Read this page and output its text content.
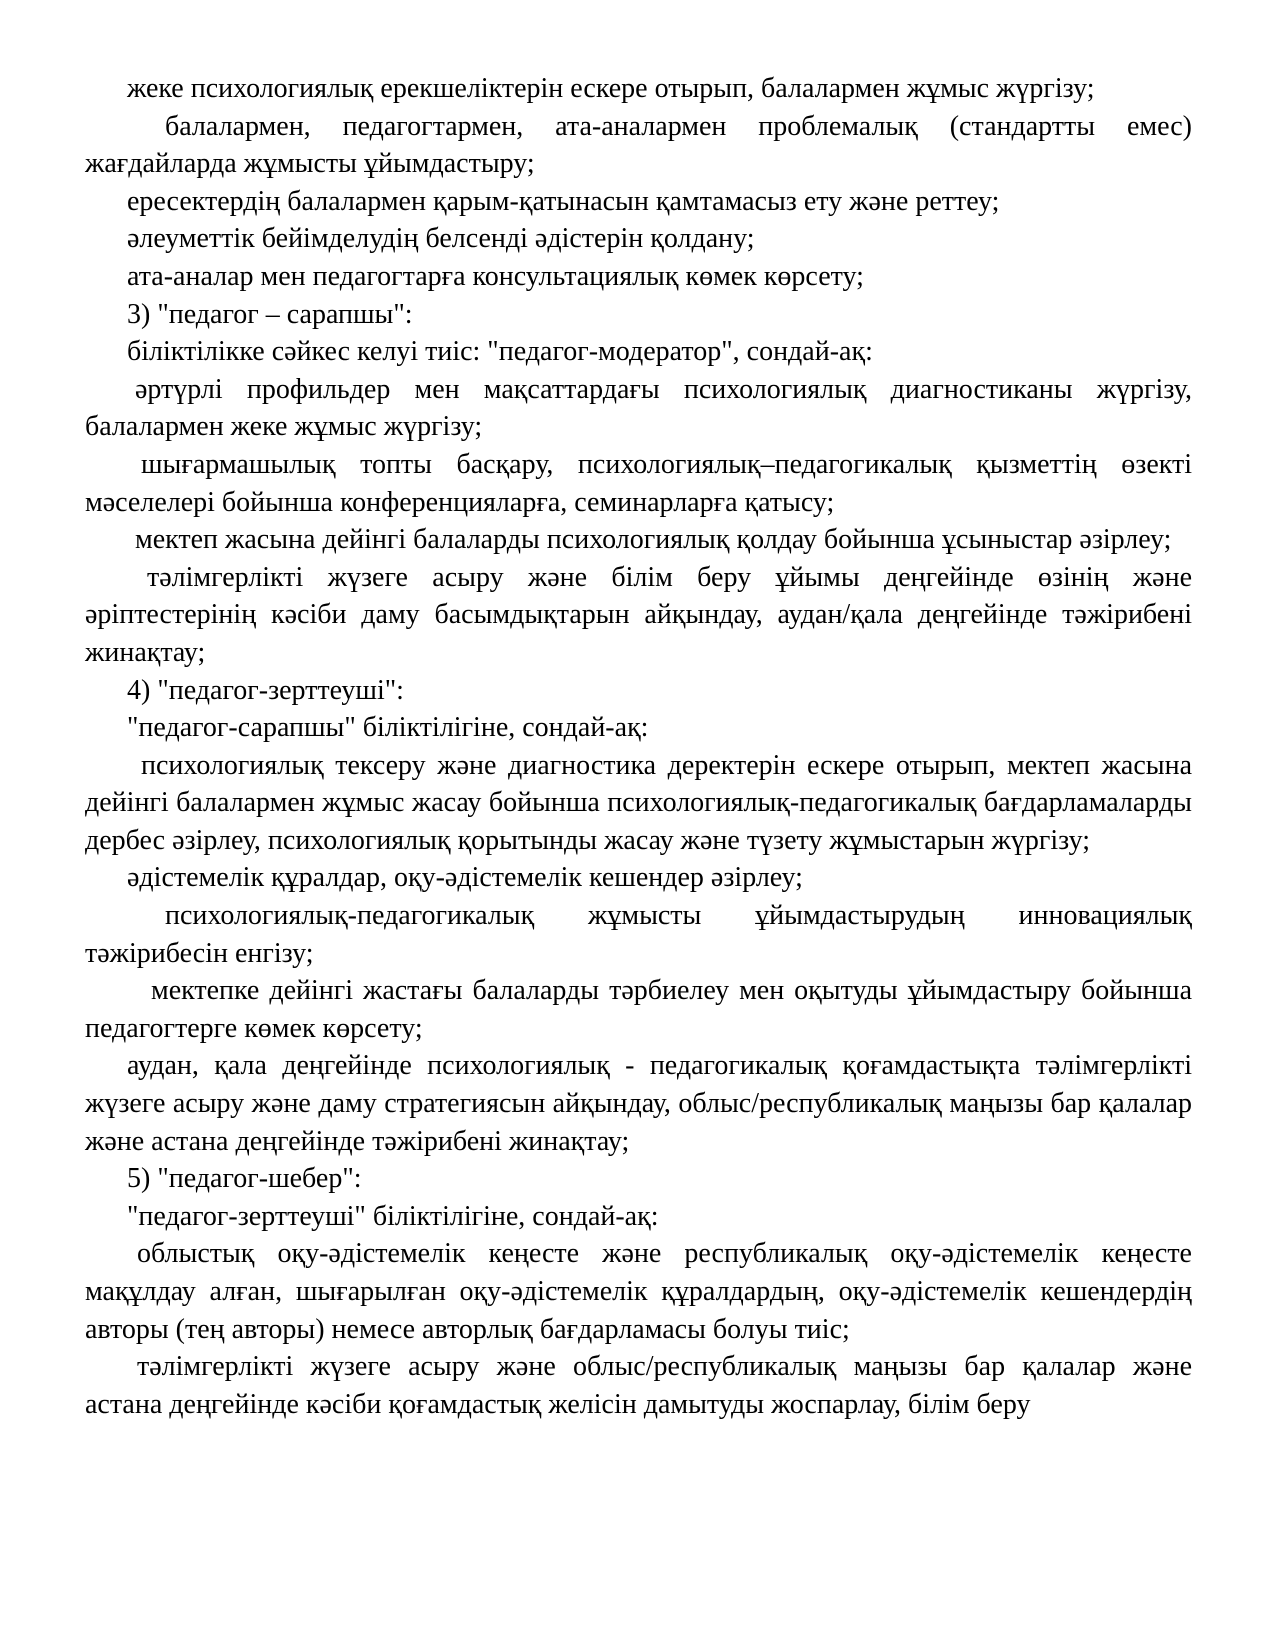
жеке психологиялық ерекшеліктерін ескере отырып, балалармен жұмыс жүргізу;

балалармен, педагогтармен, ата-аналармен проблемалық (стандартты емес) жағдайларда жұмысты ұйымдастыру;

ересектердің балалармен қарым-қатынасын қамтамасыз ету және реттеу;

әлеуметтік бейімделудің белсенді әдістерін қолдану;

ата-аналар мен педагогтарға консультациялық көмек көрсету;

3) "педагог – сарапшы":

біліктілікке сәйкес келуі тиіс: "педагог-модератор", сондай-ақ:

әртүрлі профильдер мен мақсаттардағы психологиялық диагностиканы жүргізу, балалармен жеке жұмыс жүргізу;

шығармашылық топты басқару, психологиялық–педагогикалық қызметтің өзекті мәселелері бойынша конференцияларға, семинарларға қатысу;

мектеп жасына дейінгі балаларды психологиялық қолдау бойынша ұсыныстар әзірлеу;

тәлімгерлікті жүзеге асыру және білім беру ұйымы деңгейінде өзінің және әріптестерінің кәсіби даму басымдықтарын айқындау, аудан/қала деңгейінде тәжірибені жинақтау;

4) "педагог-зерттеуші":

"педагог-сарапшы" біліктілігіне, сондай-ақ:

психологиялық тексеру және диагностика деректерін ескере отырып, мектеп жасына дейінгі балалармен жұмыс жасау бойынша психологиялық-педагогикалық бағдарламаларды дербес әзірлеу, психологиялық қорытынды жасау және түзету жұмыстарын жүргізу;

әдістемелік құралдар, оқу-әдістемелік кешендер әзірлеу;

психологиялық-педагогикалық жұмысты ұйымдастырудың инновациялық тәжірибесін енгізу;

мектепке дейінгі жастағы балаларды тәрбиелеу мен оқытуды ұйымдастыру бойынша педагогтерге көмек көрсету;

аудан, қала деңгейінде психологиялық - педагогикалық қоғамдастықта тәлімгерлікті жүзеге асыру және даму стратегиясын айқындау, облыс/республикалық маңызы бар қалалар және астана деңгейінде тәжірибені жинақтау;

5) "педагог-шебер":

"педагог-зерттеуші" біліктілігіне, сондай-ақ:

облыстық оқу-әдістемелік кеңесте және республикалық оқу-әдістемелік кеңесте мақұлдау алған, шығарылған оқу-әдістемелік құралдардың, оқу-әдістемелік кешендердің авторы (тең авторы) немесе авторлық бағдарламасы болуы тиіс;

тәлімгерлікті жүзеге асыру және облыс/республикалық маңызы бар қалалар және астана деңгейінде кәсіби қоғамдастық желісін дамытуды жоспарлау, білім беру
